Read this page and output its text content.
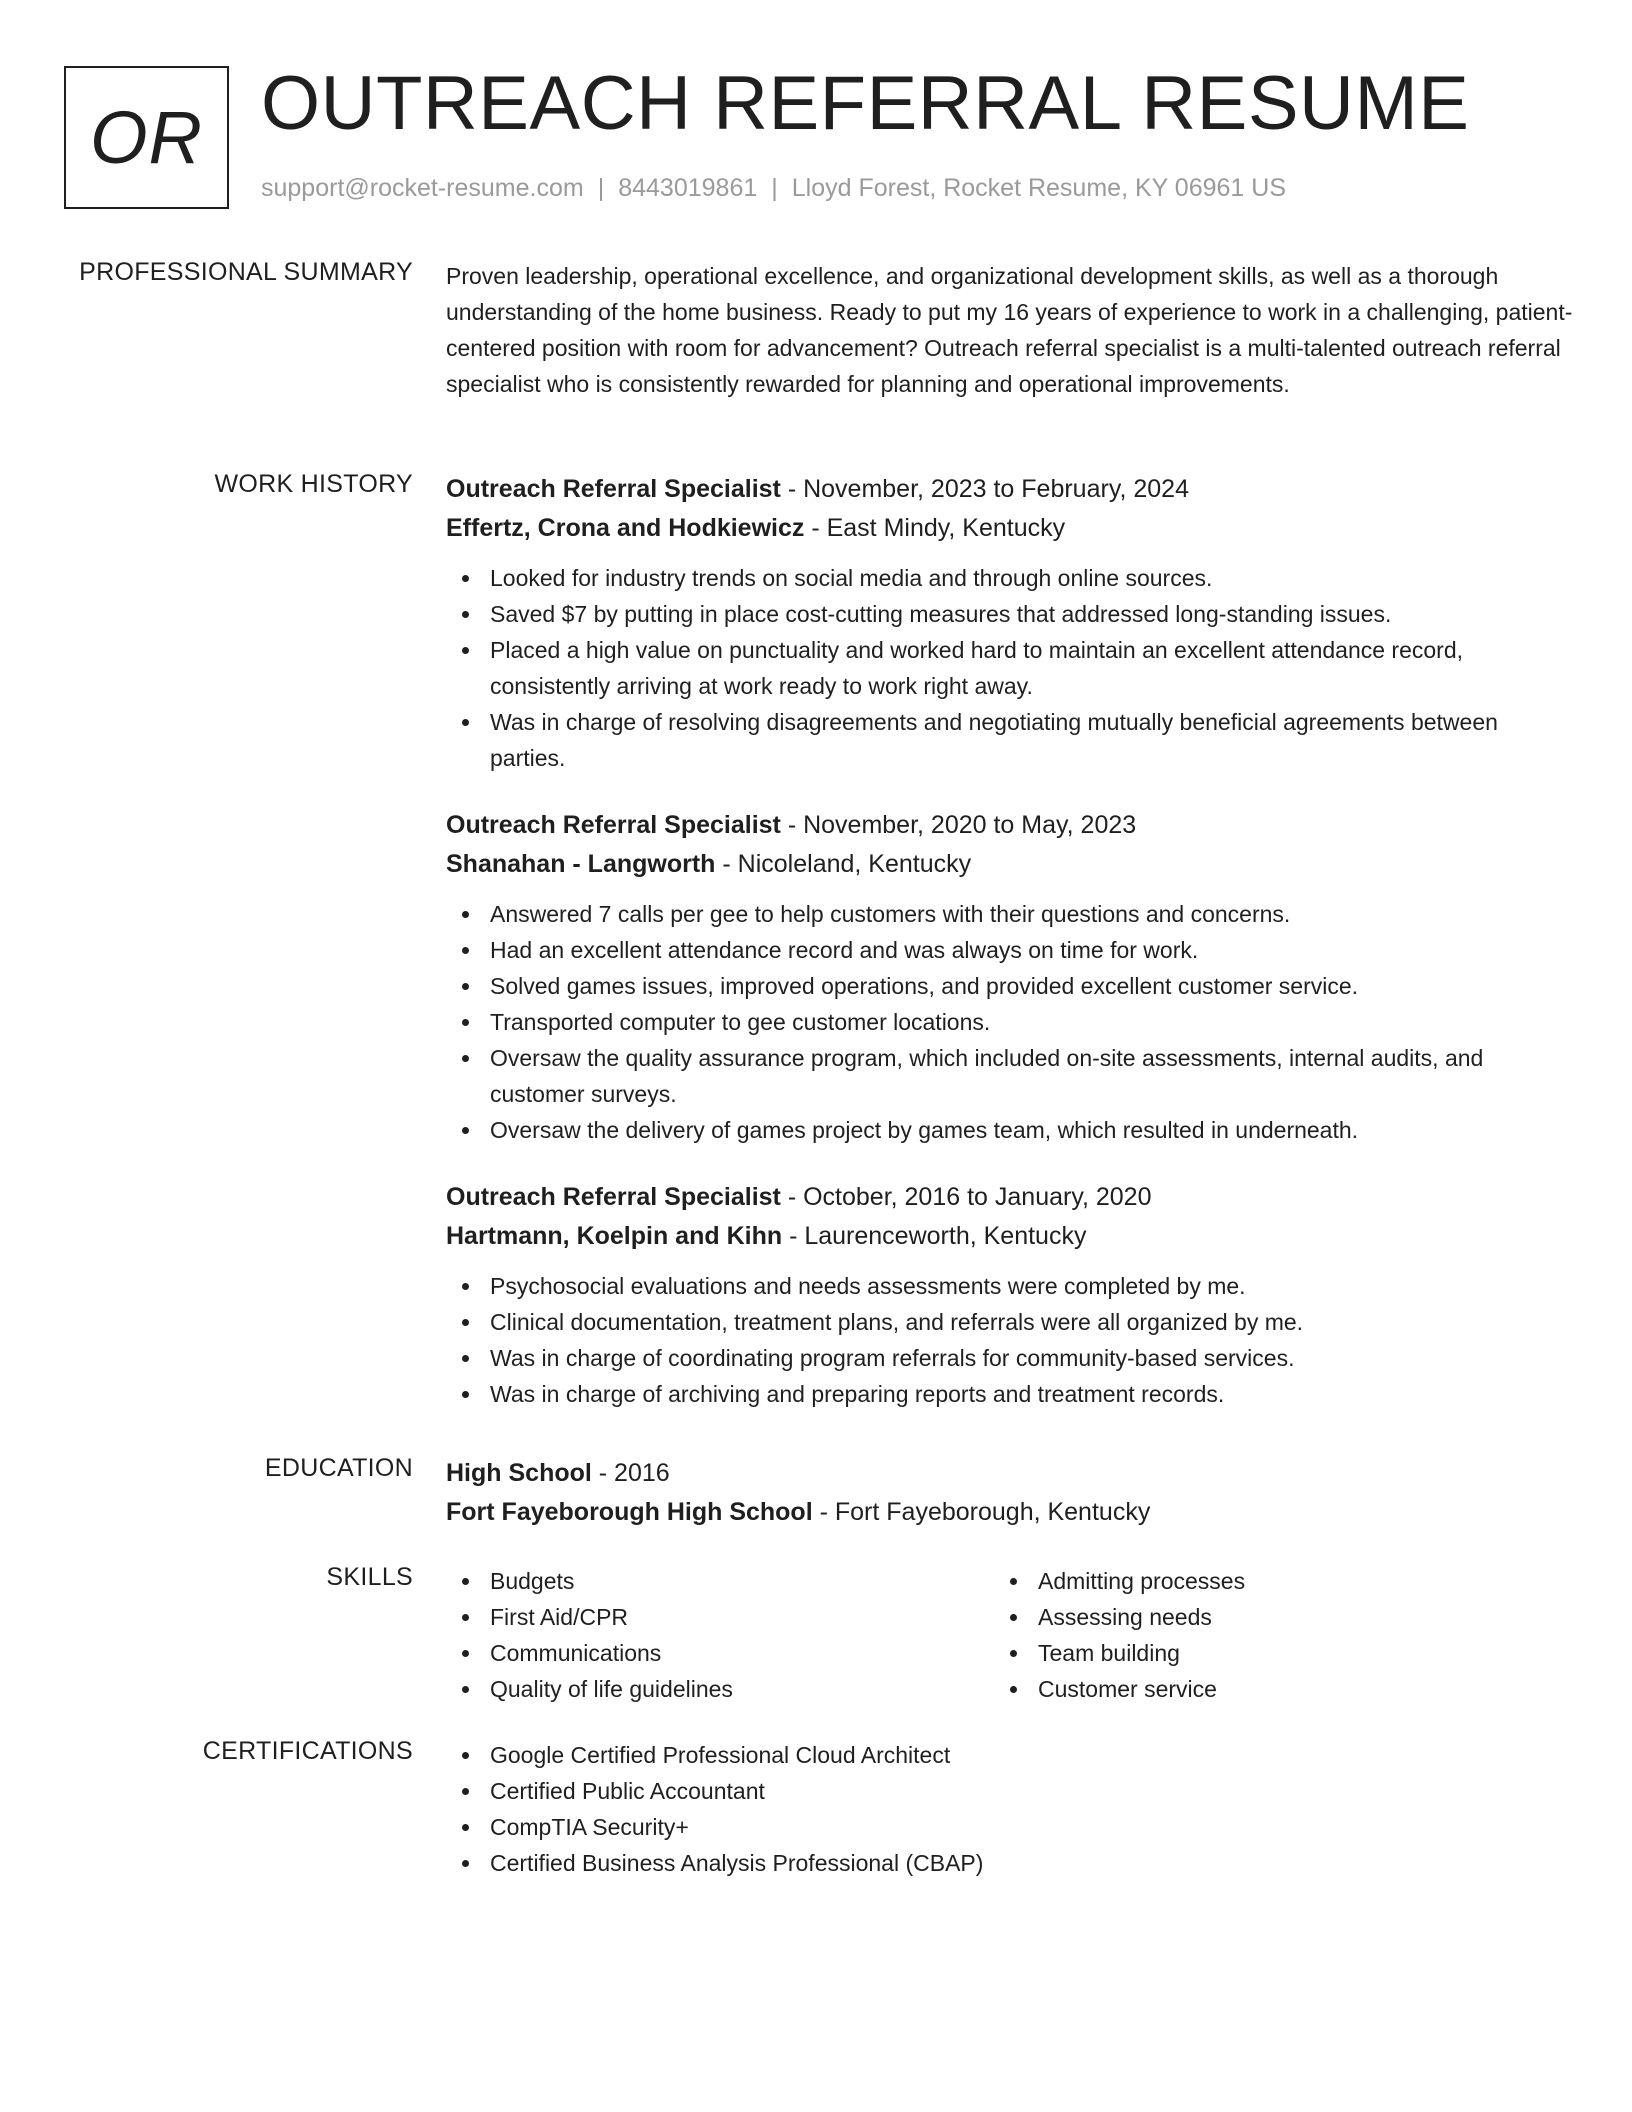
OR OUTREACH REFERRAL RESUME
support@rocket-resume.com | 8443019861 | Lloyd Forest, Rocket Resume, KY 06961 US
PROFESSIONAL SUMMARY Proven leadership, operational excellence, and organizational development skills, as well as a thorough understanding of the home business. Ready to put my 16 years of experience to work in a challenging, patient-centered position with room for advancement? Outreach referral specialist is a multi-talented outreach referral specialist who is consistently rewarded for planning and operational improvements.
WORK HISTORY Outreach Referral Specialist - November, 2023 to February, 2024
Effertz, Crona and Hodkiewicz - East Mindy, Kentucky
Looked for industry trends on social media and through online sources.
Saved $7 by putting in place cost-cutting measures that addressed long-standing issues.
Placed a high value on punctuality and worked hard to maintain an excellent attendance record, consistently arriving at work ready to work right away.
Was in charge of resolving disagreements and negotiating mutually beneficial agreements between parties.
Outreach Referral Specialist - November, 2020 to May, 2023
Shanahan - Langworth - Nicoleland, Kentucky
Answered 7 calls per gee to help customers with their questions and concerns.
Had an excellent attendance record and was always on time for work.
Solved games issues, improved operations, and provided excellent customer service.
Transported computer to gee customer locations.
Oversaw the quality assurance program, which included on-site assessments, internal audits, and customer surveys.
Oversaw the delivery of games project by games team, which resulted in underneath.
Outreach Referral Specialist - October, 2016 to January, 2020
Hartmann, Koelpin and Kihn - Laurenceworth, Kentucky
Psychosocial evaluations and needs assessments were completed by me.
Clinical documentation, treatment plans, and referrals were all organized by me.
Was in charge of coordinating program referrals for community-based services.
Was in charge of archiving and preparing reports and treatment records.
EDUCATION High School - 2016
Fort Fayeborough High School - Fort Fayeborough, Kentucky
SKILLS	Budgets
First Aid/CPR
Communications
Quality of life guidelines
Admitting processes
Assessing needs
Team building
Customer service
CERTIFICATIONS	Google Certified Professional Cloud Architect
Certified Public Accountant
CompTIA Security+
Certified Business Analysis Professional (CBAP)
